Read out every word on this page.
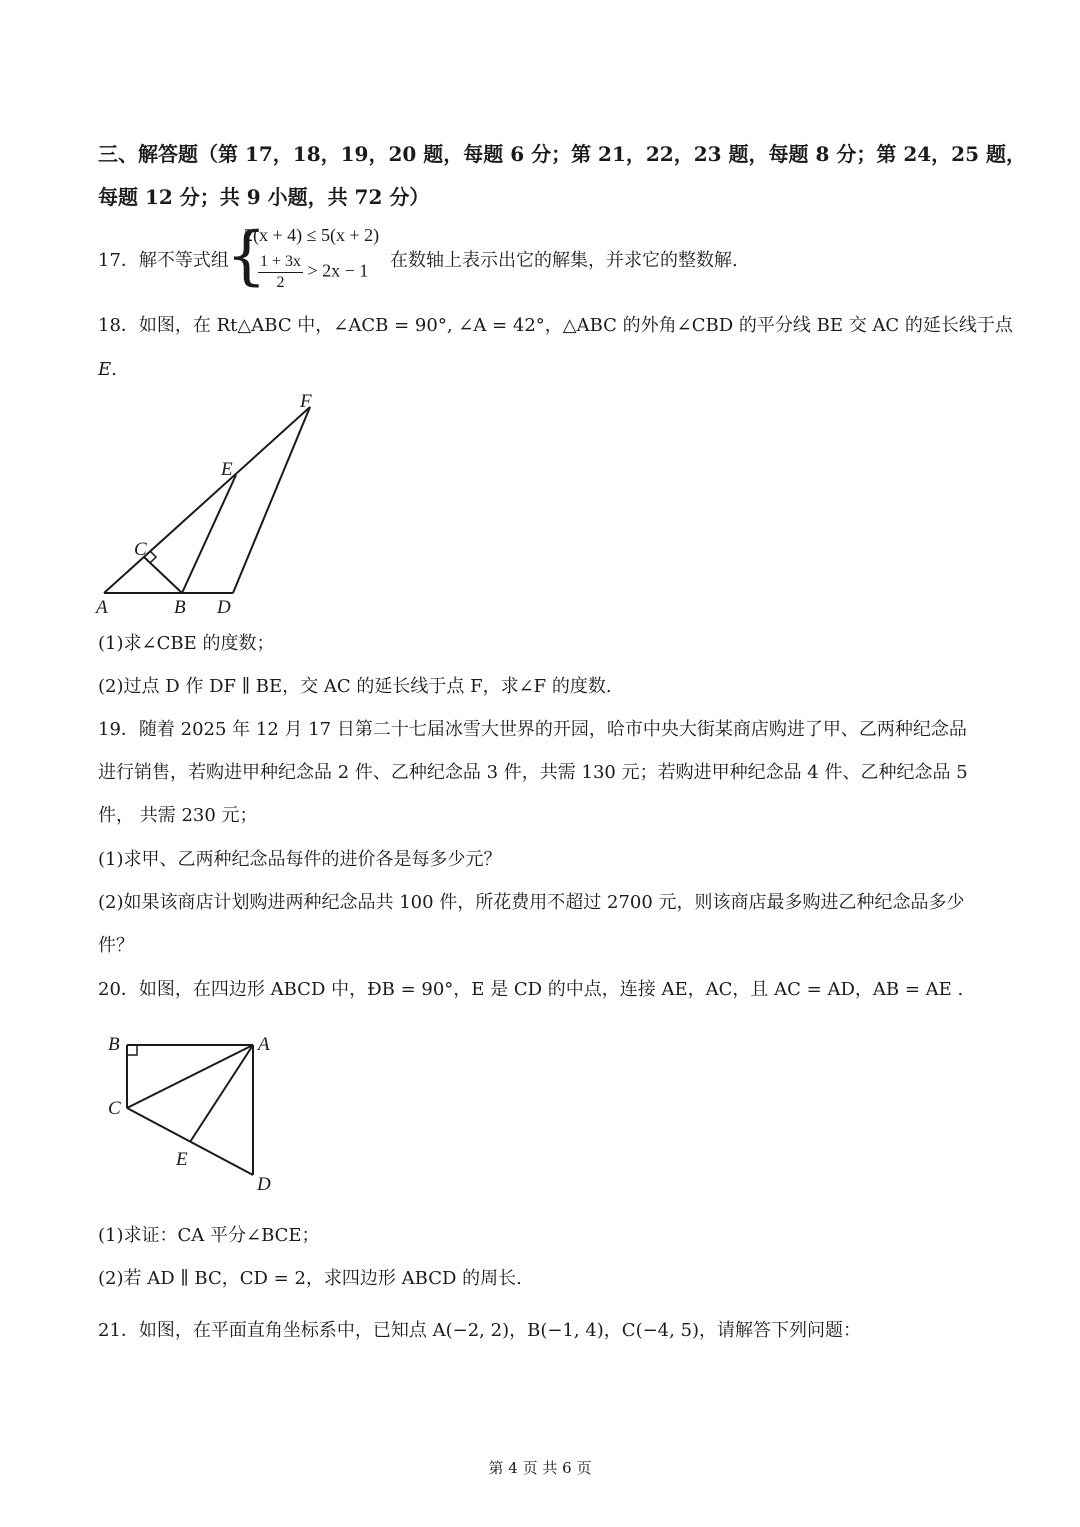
三、解答题（第 17，18，19，20 题，每题 6 分；第 21，22，23 题，每题 8 分；第 24，25 题，
每题 12 分；共 9 小题，共 72 分）
17．解不等式组
{
2(x + 4) ≤ 5(x + 2)
$\frac{1 + 3x}{2} > 2x - 1$ 在数轴上表示出它的解集，并求它的整数解.
18．如图，在 Rt△ABC 中，∠ACB = 90°, ∠A = 42°，△ABC 的外角∠CBD 的平分线 BE 交 AC 的延长线于点
E.
A	B D
C
E
F
(1)求∠CBE 的度数；
(2)过点 D 作 DF ∥ BE，交 AC 的延长线于点 F，求∠F 的度数.
19．随着 2025 年 12 月 17 日第二十七届冰雪大世界的开园，哈市中央大街某商店购进了甲、乙两种纪念品
进行销售，若购进甲种纪念品 2 件、乙种纪念品 3 件，共需 130 元；若购进甲种纪念品 4 件、乙种纪念品 5
件， 共需 230 元；
(1)求甲、乙两种纪念品每件的进价各是每多少元？
(2)如果该商店计划购进两种纪念品共 100 件，所花费用不超过 2700 元，则该商店最多购进乙种纪念品多少
件？
20．如图，在四边形 ABCD 中，ÐB = 90°，E 是 CD 的中点，连接 AE，AC，且 AC = AD，AB = AE .
B	A
C
E
D
(1)求证：CA 平分∠BCE；
(2)若 AD ∥ BC，CD = 2，求四边形 ABCD 的周长.
21．如图，在平面直角坐标系中，已知点 A(−2, 2)，B(−1, 4)，C(−4, 5)，请解答下列问题：
第 4 页 共 6 页
